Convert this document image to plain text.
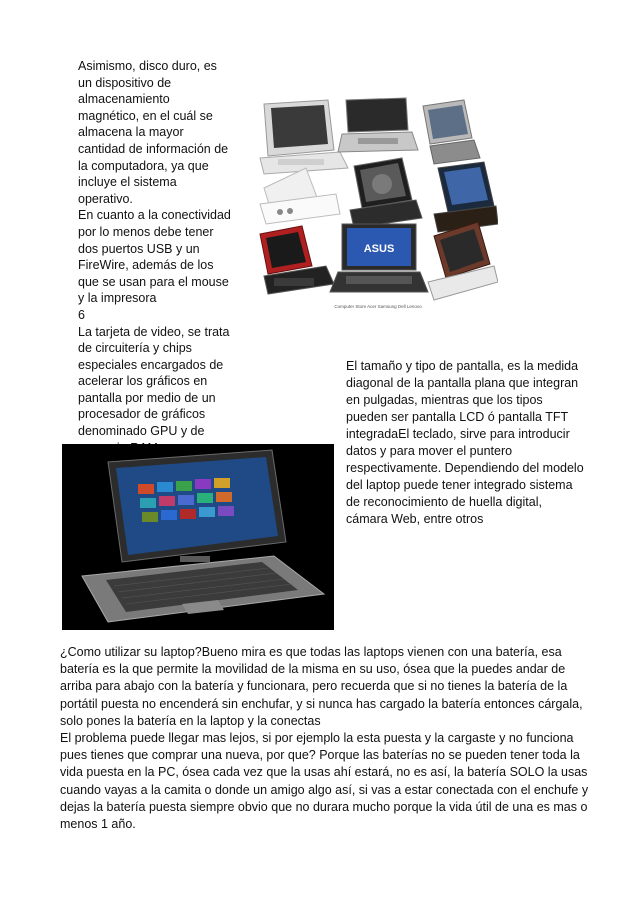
Asimismo, disco duro, es
un dispositivo de
almacenamiento
magnético, en el cuál se
almacena la mayor
cantidad de información de
la computadora, ya que
incluye el sistema
operativo.
En cuanto a la conectividad
por lo menos debe tener
dos puertos USB y un
FireWire, además de los
que se usan para el mouse
y la impresora
6
La tarjeta de video, se trata
de circuitería y chips
especiales encargados de
acelerar los gráficos en
pantalla por medio de un
procesador de gráficos
denominado GPU y de
ASUS
Computer Store Acer Samsung Dell Lenovo

El tamaño y tipo de pantalla, es la medida diagonal de la pantalla plana que integran en pulgadas, mientras que los tipos pueden ser pantalla LCD ó pantalla TFT integradaEl teclado, sirve para introducir datos y para mover el puntero respectivamente. Dependiendo del modelo del laptop puede tener integrado sistema de reconocimiento de huella digital, cámara Web, entre otros

¿Como utilizar su laptop?Bueno mira es que todas las laptops vienen con una batería, esa batería es la que permite la movilidad de la misma en su uso, ósea que la puedes andar de arriba para abajo con la batería y funcionara, pero recuerda que si no tienes la batería de la portátil puesta no encenderá sin enchufar, y si nunca has cargado la batería entonces cárgala, solo pones la batería en la laptop y la conectas
El problema puede llegar mas lejos, si por ejemplo la esta puesta y la cargaste y no funciona pues tienes que comprar una nueva, por que? Porque las baterías no se pueden tener toda la vida puesta en la PC, ósea cada vez que la usas ahí estará, no es así, la batería SOLO la usas cuando vayas a la camita o donde un amigo algo así, si vas a estar conectada con el enchufe y dejas la batería puesta siempre obvio que no durara mucho porque la vida útil de una es mas o menos 1 año.
